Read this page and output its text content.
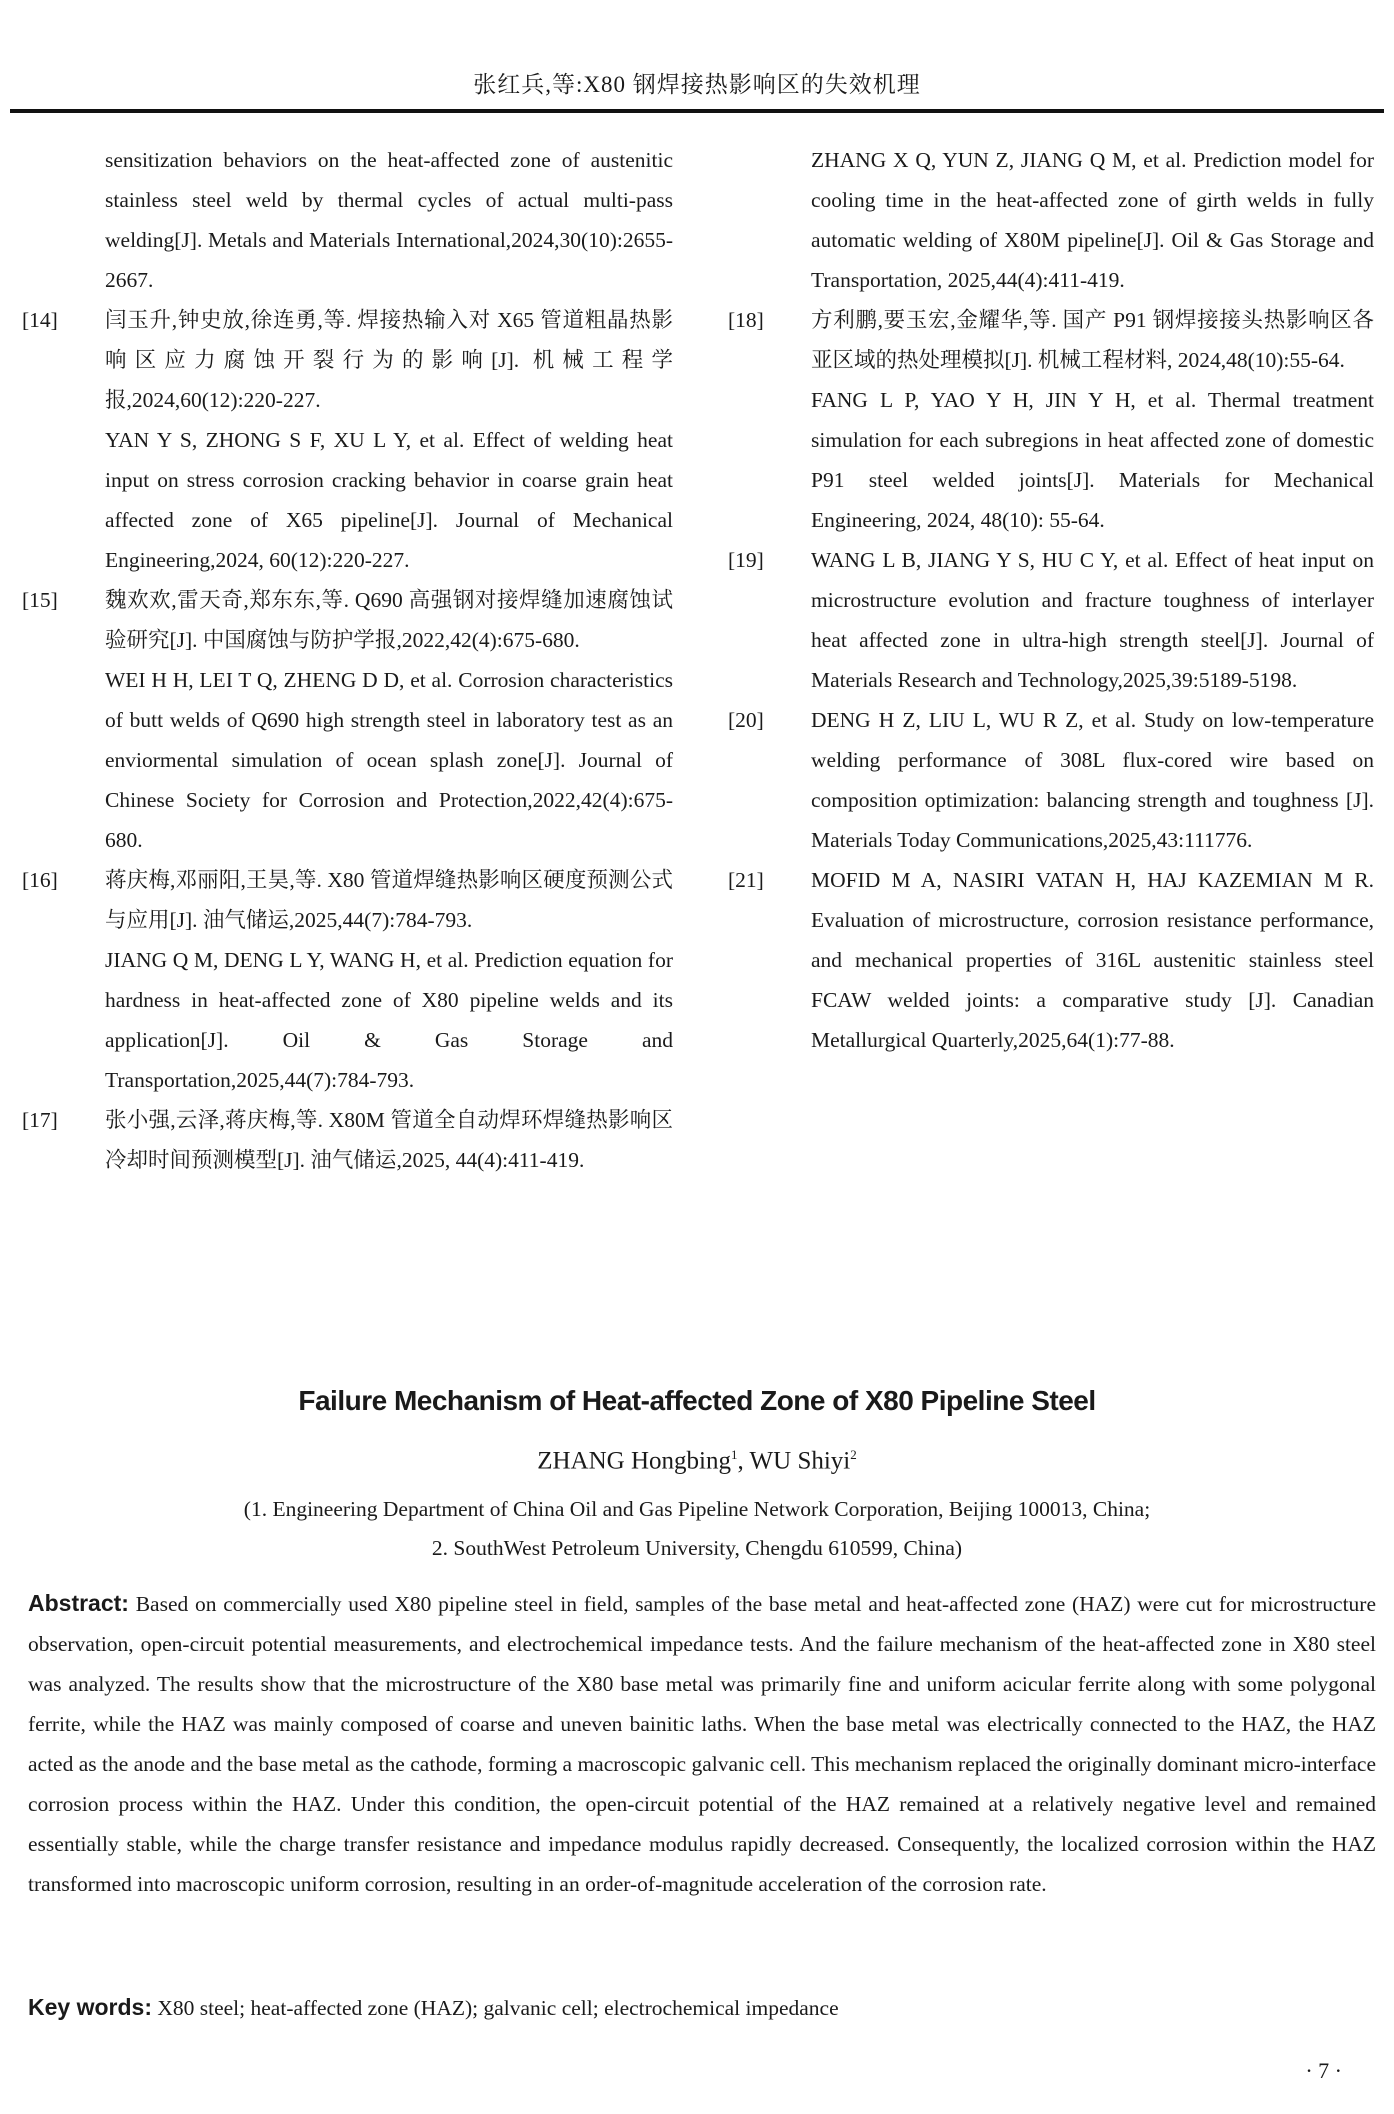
张红兵,等:X80 钢焊接热影响区的失效机理
sensitization behaviors on the heat-affected zone of austenitic stainless steel weld by thermal cycles of actual multi-pass welding[J]. Metals and Materials International,2024,30(10):2655-2667.
[14]	闫玉升,钟史放,徐连勇,等. 焊接热输入对 X65 管道粗晶热影响区应力腐蚀开裂行为的影响[J]. 机械工程学报,2024,60(12):220-227.
YAN Y S, ZHONG S F, XU L Y, et al. Effect of welding heat input on stress corrosion cracking behavior in coarse grain heat affected zone of X65 pipeline[J]. Journal of Mechanical Engineering,2024, 60(12):220-227.
[15]	魏欢欢,雷天奇,郑东东,等. Q690 高强钢对接焊缝加速腐蚀试验研究[J]. 中国腐蚀与防护学报,2022,42(4):675-680.
WEI H H, LEI T Q, ZHENG D D, et al. Corrosion characteristics of butt welds of Q690 high strength steel in laboratory test as an enviormental simulation of ocean splash zone[J]. Journal of Chinese Society for Corrosion and Protection,2022,42(4):675-680.
[16]	蒋庆梅,邓丽阳,王昊,等. X80 管道焊缝热影响区硬度预测公式与应用[J]. 油气储运,2025,44(7):784-793.
JIANG Q M, DENG L Y, WANG H, et al. Prediction equation for hardness in heat-affected zone of X80 pipeline welds and its application[J]. Oil & Gas Storage and Transportation,2025,44(7):784-793.
[17]	张小强,云泽,蒋庆梅,等. X80M 管道全自动焊环焊缝热影响区冷却时间预测模型[J]. 油气储运,2025, 44(4):411-419.
ZHANG X Q, YUN Z, JIANG Q M, et al. Prediction model for cooling time in the heat-affected zone of girth welds in fully automatic welding of X80M pipeline[J]. Oil & Gas Storage and Transportation, 2025,44(4):411-419.
[18]	方利鹏,要玉宏,金耀华,等. 国产 P91 钢焊接接头热影响区各亚区域的热处理模拟[J]. 机械工程材料, 2024,48(10):55-64.
FANG L P, YAO Y H, JIN Y H, et al. Thermal treatment simulation for each subregions in heat affected zone of domestic P91 steel welded joints[J]. Materials for Mechanical Engineering, 2024, 48(10): 55-64.
[19]	WANG L B, JIANG Y S, HU C Y, et al. Effect of heat input on microstructure evolution and fracture toughness of interlayer heat affected zone in ultra-high strength steel[J]. Journal of Materials Research and Technology,2025,39:5189-5198.
[20]	DENG H Z, LIU L, WU R Z, et al. Study on low-temperature welding performance of 308L flux-cored wire based on composition optimization: balancing strength and toughness [J]. Materials Today Communications,2025,43:111776.
[21]	MOFID M A, NASIRI VATAN H, HAJ KAZEMIAN M R. Evaluation of microstructure, corrosion resistance performance, and mechanical properties of 316L austenitic stainless steel FCAW welded joints: a comparative study [J]. Canadian Metallurgical Quarterly,2025,64(1):77-88.
Failure Mechanism of Heat-affected Zone of X80 Pipeline Steel
ZHANG Hongbing$^1$, WU Shiyi$^2$
(1. Engineering Department of China Oil and Gas Pipeline Network Corporation, Beijing 100013, China;
2. SouthWest Petroleum University, Chengdu 610599, China)
Abstract: Based on commercially used X80 pipeline steel in field, samples of the base metal and heat-affected zone (HAZ) were cut for microstructure observation, open-circuit potential measurements, and electrochemical impedance tests. And the failure mechanism of the heat-affected zone in X80 steel was analyzed. The results show that the microstructure of the X80 base metal was primarily fine and uniform acicular ferrite along with some polygonal ferrite, while the HAZ was mainly composed of coarse and uneven bainitic laths. When the base metal was electrically connected to the HAZ, the HAZ acted as the anode and the base metal as the cathode, forming a macroscopic galvanic cell. This mechanism replaced the originally dominant micro-interface corrosion process within the HAZ. Under this condition, the open-circuit potential of the HAZ remained at a relatively negative level and remained essentially stable, while the charge transfer resistance and impedance modulus rapidly decreased. Consequently, the localized corrosion within the HAZ transformed into macroscopic uniform corrosion, resulting in an order-of-magnitude acceleration of the corrosion rate.
Key words: X80 steel; heat-affected zone (HAZ); galvanic cell; electrochemical impedance
· 7 ·
